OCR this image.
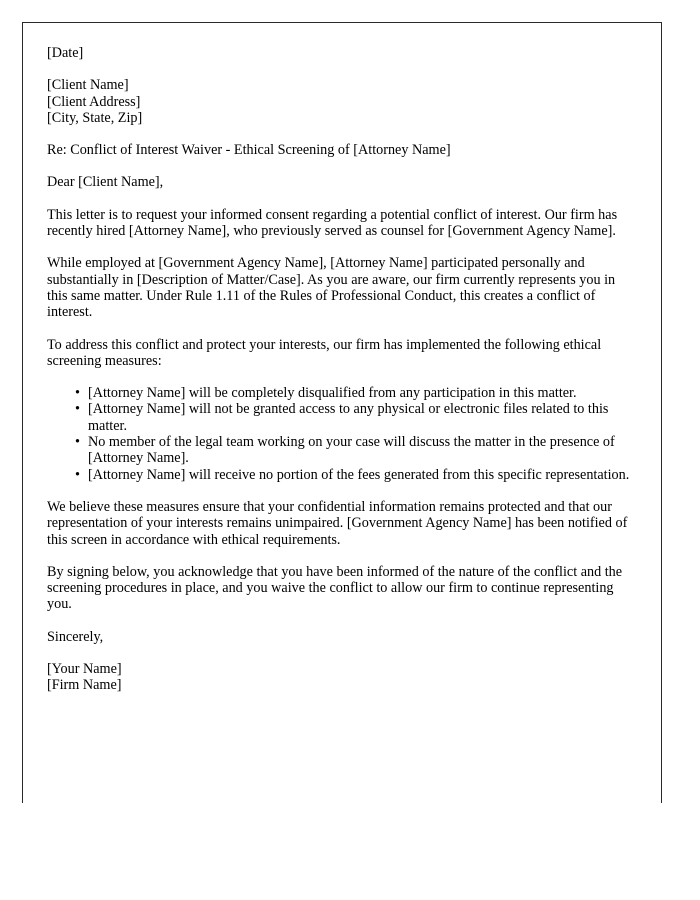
[Date]

[Client Name]
[Client Address]
[City, State, Zip]

Re: Conflict of Interest Waiver - Ethical Screening of [Attorney Name]

Dear [Client Name],

This letter is to request your informed consent regarding a potential conflict of interest. Our firm has recently hired [Attorney Name], who previously served as counsel for [Government Agency Name].

While employed at [Government Agency Name], [Attorney Name] participated personally and substantially in [Description of Matter/Case]. As you are aware, our firm currently represents you in this same matter. Under Rule 1.11 of the Rules of Professional Conduct, this creates a conflict of interest.

To address this conflict and protect your interests, our firm has implemented the following ethical screening measures:

• [Attorney Name] will be completely disqualified from any participation in this matter.
• [Attorney Name] will not be granted access to any physical or electronic files related to this matter.
• No member of the legal team working on your case will discuss the matter in the presence of [Attorney Name].
• [Attorney Name] will receive no portion of the fees generated from this specific representation.

We believe these measures ensure that your confidential information remains protected and that our representation of your interests remains unimpaired. [Government Agency Name] has been notified of this screen in accordance with ethical requirements.

By signing below, you acknowledge that you have been informed of the nature of the conflict and the screening procedures in place, and you waive the conflict to allow our firm to continue representing you.

Sincerely,

[Your Name]
[Firm Name]
